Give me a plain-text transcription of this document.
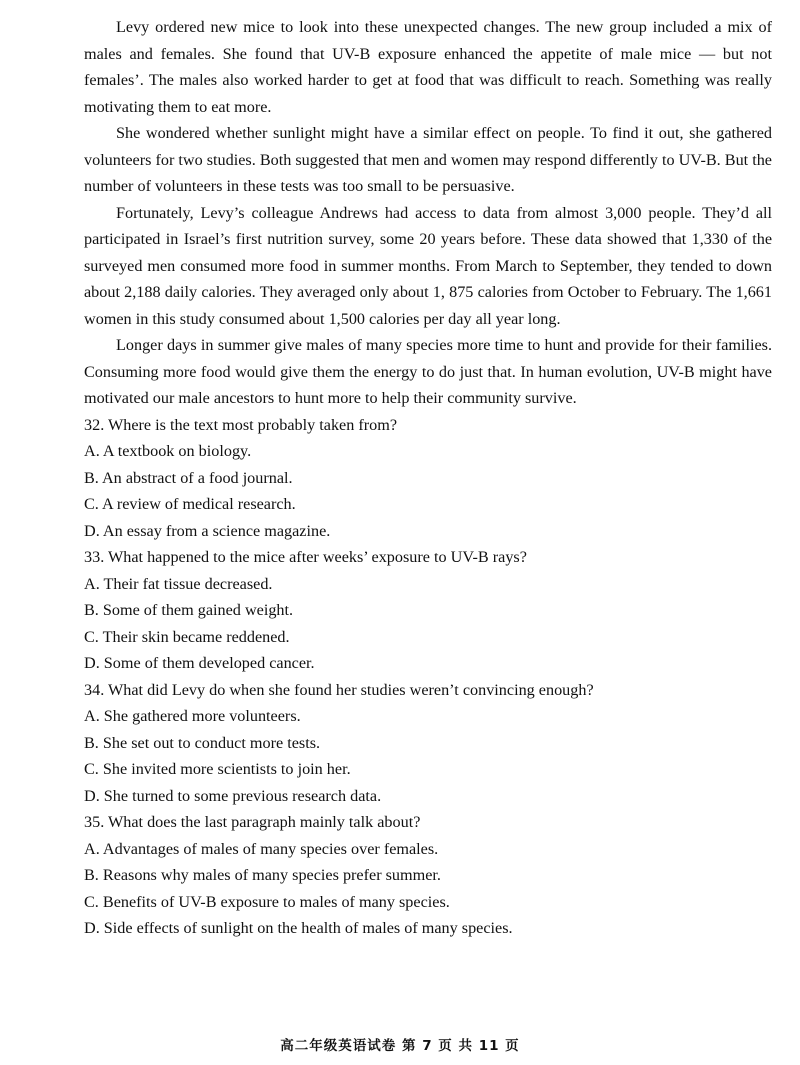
Levy ordered new mice to look into these unexpected changes. The new group included a mix of males and females. She found that UV-B exposure enhanced the appetite of male mice — but not females’. The males also worked harder to get at food that was difficult to reach. Something was really motivating them to eat more.

She wondered whether sunlight might have a similar effect on people. To find it out, she gathered volunteers for two studies. Both suggested that men and women may respond differently to UV-B. But the number of volunteers in these tests was too small to be persuasive.

Fortunately, Levy’s colleague Andrews had access to data from almost 3,000 people. They’d all participated in Israel’s first nutrition survey, some 20 years before. These data showed that 1,330 of the surveyed men consumed more food in summer months. From March to September, they tended to down about 2,188 daily calories. They averaged only about 1, 875 calories from October to February. The 1,661 women in this study consumed about 1,500 calories per day all year long.

Longer days in summer give males of many species more time to hunt and provide for their families. Consuming more food would give them the energy to do just that. In human evolution, UV-B might have motivated our male ancestors to hunt more to help their community survive.

32. Where is the text most probably taken from?

A. A textbook on biology.

B. An abstract of a food journal.

C. A review of medical research.

D. An essay from a science magazine.

33. What happened to the mice after weeks’ exposure to UV-B rays?

A. Their fat tissue decreased.

B. Some of them gained weight.

C. Their skin became reddened.

D. Some of them developed cancer.

34. What did Levy do when she found her studies weren’t convincing enough?

A. She gathered more volunteers.

B. She set out to conduct more tests.

C. She invited more scientists to join her.

D. She turned to some previous research data.

35. What does the last paragraph mainly talk about?

A. Advantages of males of many species over females.

B. Reasons why males of many species prefer summer.

C. Benefits of UV-B exposure to males of many species.

D. Side effects of sunlight on the health of males of many species.

高二年级英语试卷 第 7 页 共 11 页
